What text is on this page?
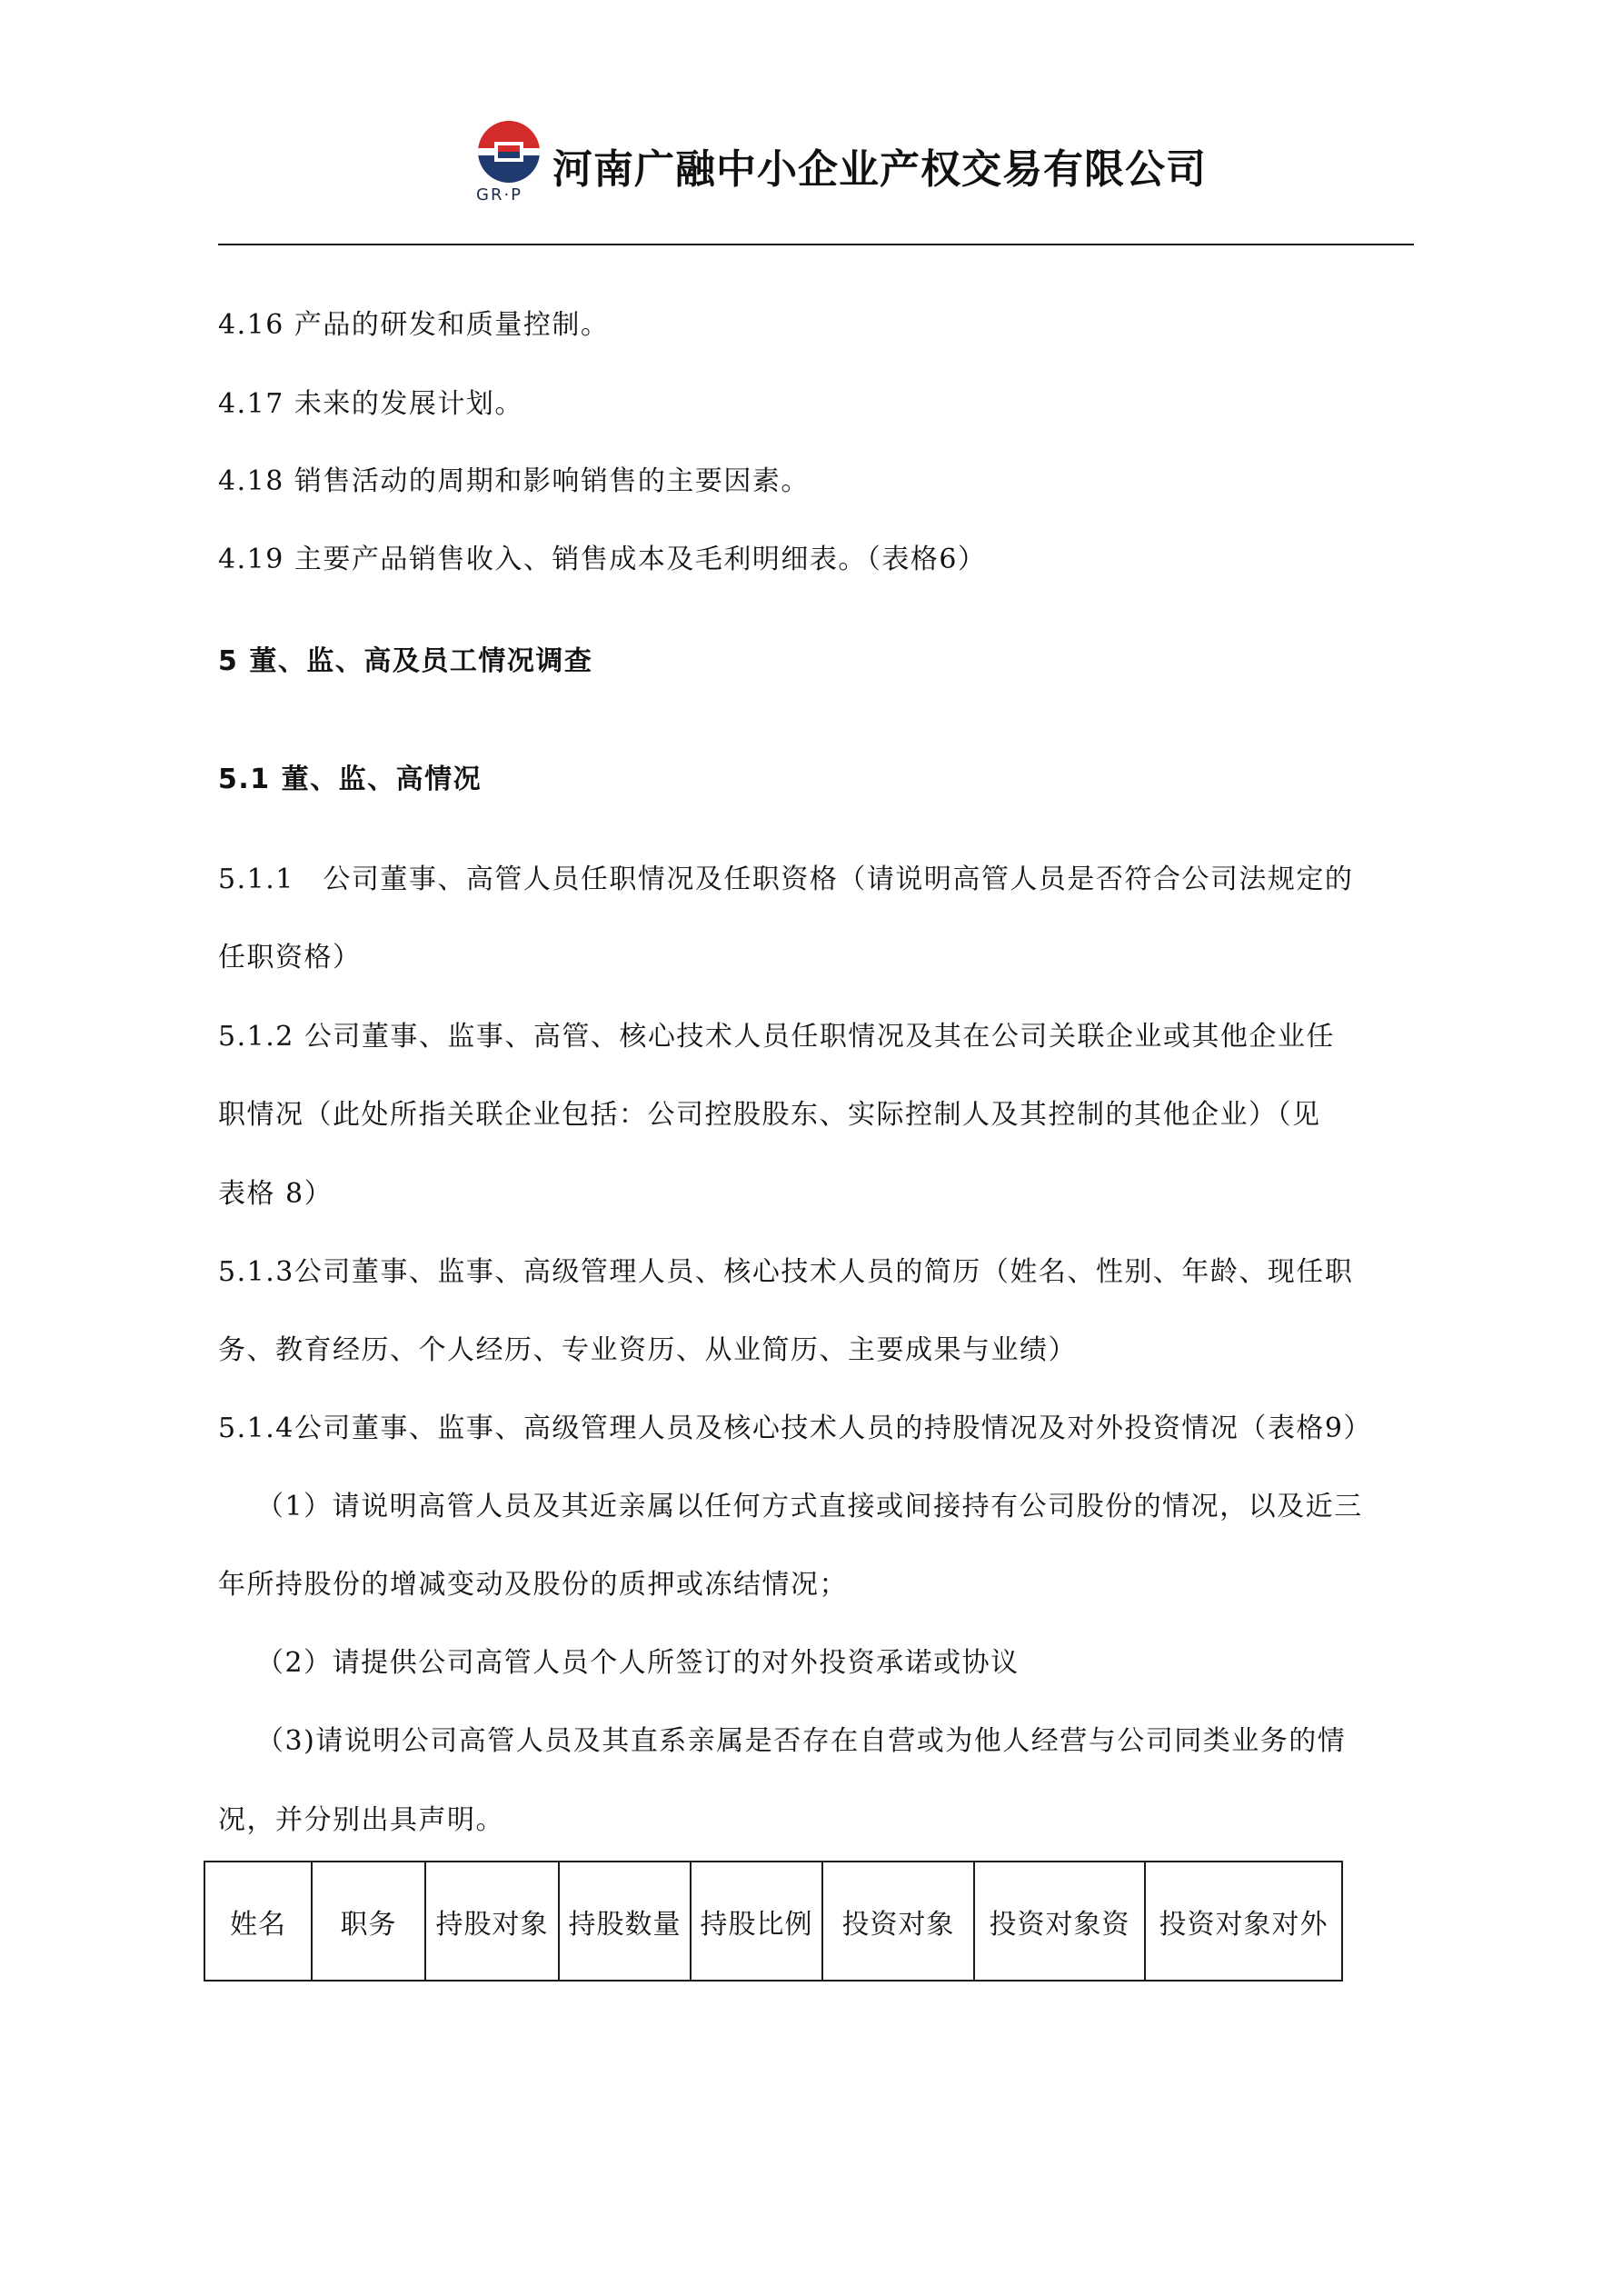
GR·P
河南广融中小企业产权交易有限公司
4.16 产品的研发和质量控制。
4.17 未来的发展计划。
4.18 销售活动的周期和影响销售的主要因素。
4.19 主要产品销售收入、销售成本及毛利明细表。（表格6）
5 董、监、高及员工情况调查
5.1 董、监、高情况
5.1.1　公司董事、高管人员任职情况及任职资格（请说明高管人员是否符合公司法规定的
任职资格）
5.1.2 公司董事、监事、高管、核心技术人员任职情况及其在公司关联企业或其他企业任
职情况（此处所指关联企业包括：公司控股股东、实际控制人及其控制的其他企业）（见
表格 8）
5.1.3公司董事、监事、高级管理人员、核心技术人员的简历（姓名、性别、年龄、现任职
务、教育经历、个人经历、专业资历、从业简历、主要成果与业绩）
5.1.4公司董事、监事、高级管理人员及核心技术人员的持股情况及对外投资情况（表格9）
（1）请说明高管人员及其近亲属以任何方式直接或间接持有公司股份的情况，以及近三
年所持股份的增减变动及股份的质押或冻结情况；
（2）请提供公司高管人员个人所签订的对外投资承诺或协议
（3)请说明公司高管人员及其直系亲属是否存在自营或为他人经营与公司同类业务的情
况，并分别出具声明。
姓名	职务	持股对象	持股数量	持股比例	投资对象	投资对象资	投资对象对外
